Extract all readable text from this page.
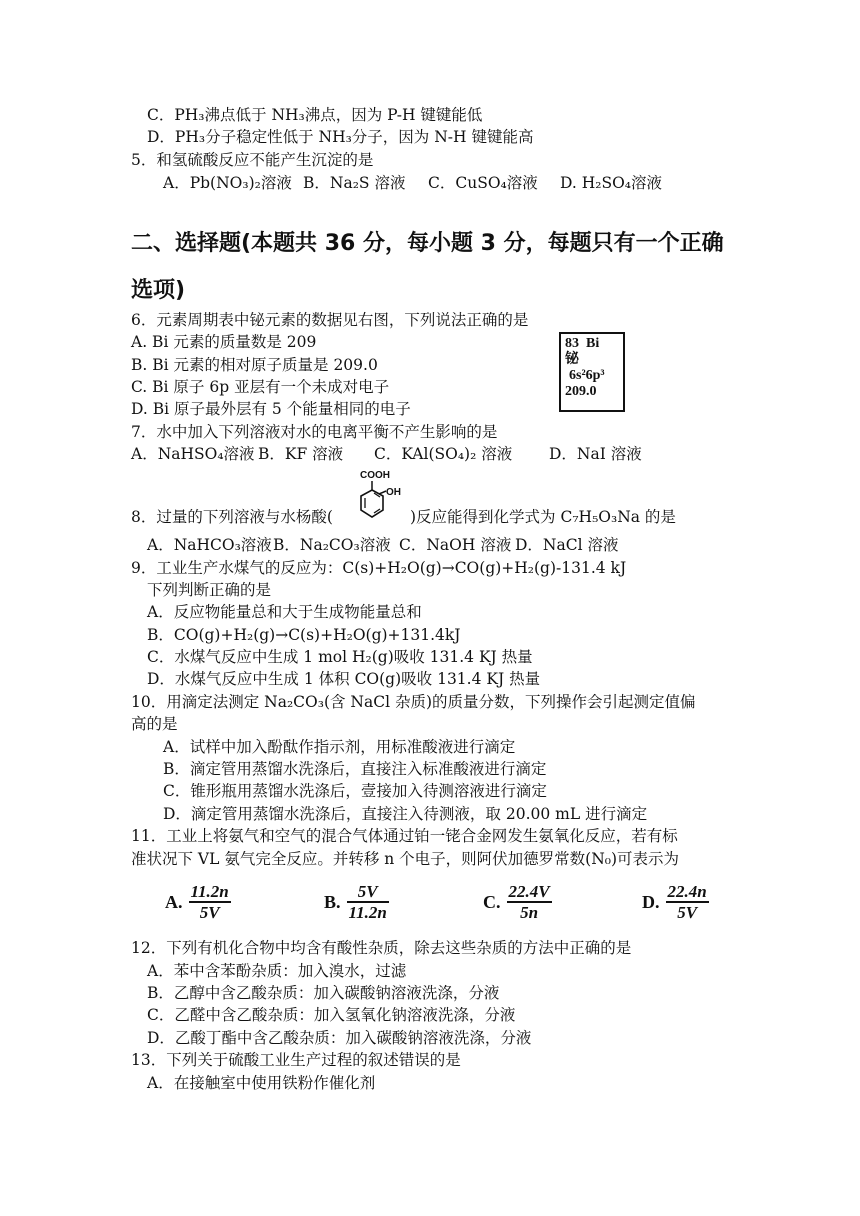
C．PH₃沸点低于 NH₃沸点，因为 P-H 键键能低
D．PH₃分子稳定性低于 NH₃分子，因为 N-H 键键能高
5．和氢硫酸反应不能产生沉淀的是
A．Pb(NO₃)₂溶液 B．Na₂S 溶液 C．CuSO₄溶液 D. H₂SO₄溶液
二、选择题(本题共 36 分，每小题 3 分，每题只有一个正确
选项)
6．元素周期表中铋元素的数据见右图，下列说法正确的是
A. Bi 元素的质量数是 209
B. Bi 元素的相对原子质量是 209.0
C. Bi 原子 6p 亚层有一个未成对电子
D. Bi 原子最外层有 5 个能量相同的电子
83 Bi
铋
6s²6p³
209.0
7．水中加入下列溶液对水的电离平衡不产生影响的是
A．NaHSO₄溶液 B．KF 溶液 C．KAl(SO₄)₂ 溶液 D．NaI 溶液
8．过量的下列溶液与水杨酸(	)反应能得到化学式为 C₇H₅O₃Na 的是
COOH
OH
A．NaHCO₃溶液B．Na₂CO₃溶液 C．NaOH 溶液 D．NaCl 溶液
9．工业生产水煤气的反应为：C(s)+H₂O(g)→CO(g)+H₂(g)-131.4 kJ
下列判断正确的是
A．反应物能量总和大于生成物能量总和
B．CO(g)+H₂(g)→C(s)+H₂O(g)+131.4kJ
C．水煤气反应中生成 1 mol H₂(g)吸收 131.4 KJ 热量
D．水煤气反应中生成 1 体积 CO(g)吸收 131.4 KJ 热量
10．用滴定法测定 Na₂CO₃(含 NaCl 杂质)的质量分数，下列操作会引起测定值偏
高的是
A．试样中加入酚酞作指示剂，用标准酸液进行滴定
B．滴定管用蒸馏水洗涤后，直接注入标准酸液进行滴定
C．锥形瓶用蒸馏水洗涤后，壹接加入待测溶液进行滴定
D．滴定管用蒸馏水洗涤后，直接注入待测液，取 20.00 mL 进行滴定
11．工业上将氨气和空气的混合气体通过铂一铑合金网发生氨氧化反应，若有标
准状况下 VL 氨气完全反应。并转移 n 个电子，则阿伏加德罗常数(N₀)可表示为
A. $\frac{11.2n}{5V}$	B. $\frac{5V}{11.2n}$	C. $\frac{22.4V}{5n}$	D. $\frac{22.4n}{5V}$
12．下列有机化合物中均含有酸性杂质，除去这些杂质的方法中正确的是
A．苯中含苯酚杂质：加入溴水，过滤
B．乙醇中含乙酸杂质：加入碳酸钠溶液洗涤，分液
C．乙醛中含乙酸杂质：加入氢氧化钠溶液洗涤，分液
D．乙酸丁酯中含乙酸杂质：加入碳酸钠溶液洗涤，分液
13．下列关于硫酸工业生产过程的叙述错误的是
A．在接触室中使用铁粉作催化剂
